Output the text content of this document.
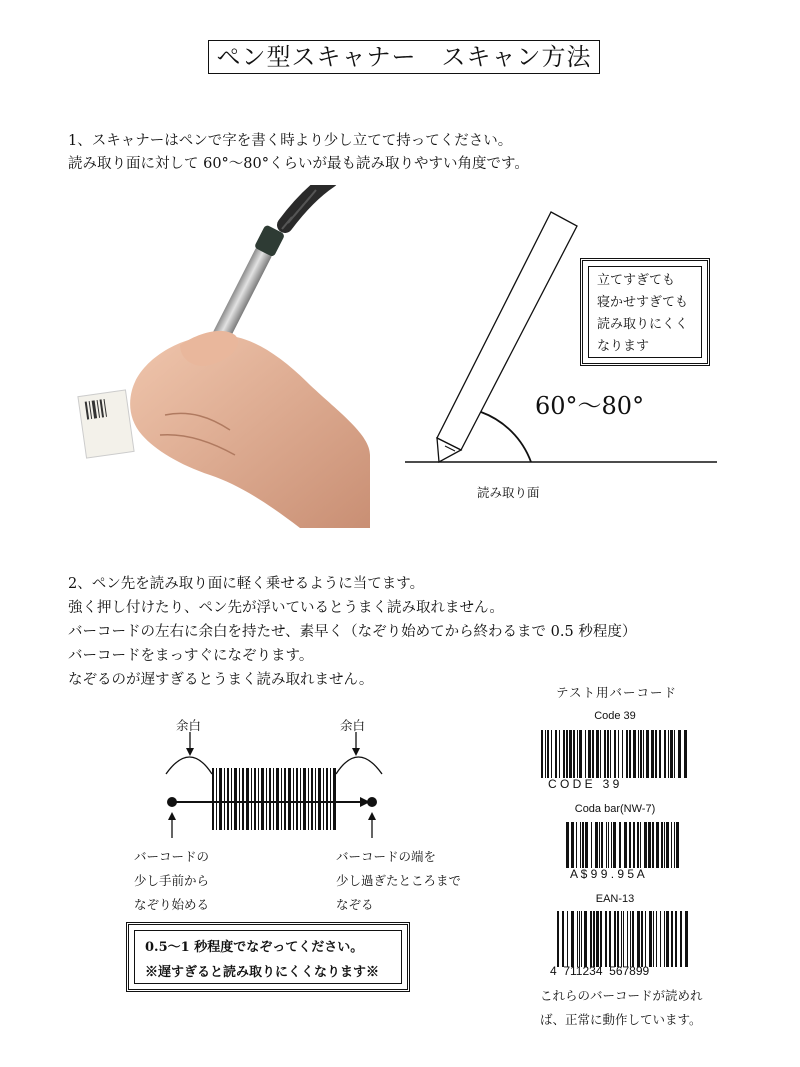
ペン型スキャナー　スキャン方法
1、スキャナーはペンで字を書く時より少し立てて持ってください。
読み取り面に対して 60°～80°くらいが最も読み取りやすい角度です。
立てすぎても
寝かせすぎても
読み取りにくく
なります
60°～80°
読み取り面
2、ペン先を読み取り面に軽く乗せるように当てます。
強く押し付けたり、ペン先が浮いているとうまく読み取れません。
バーコードの左右に余白を持たせ、素早く（なぞり始めてから終わるまで 0.5 秒程度）
バーコードをまっすぐになぞります。
なぞるのが遅すぎるとうまく読み取れません。
余白	余白
バーコードの
少し手前から
なぞり始める
バーコードの端を
少し過ぎたところまで
なぞる
0.5～1 秒程度でなぞってください。
※遅すぎると読み取りにくくなります※
テスト用バーコード
Code 39
C O D E   3 9
Coda bar(NW-7)
A $ 9 9 . 9 5 A
EAN-13
4  711234  567899
これらのバーコードが読めれ
ば、正常に動作しています。
